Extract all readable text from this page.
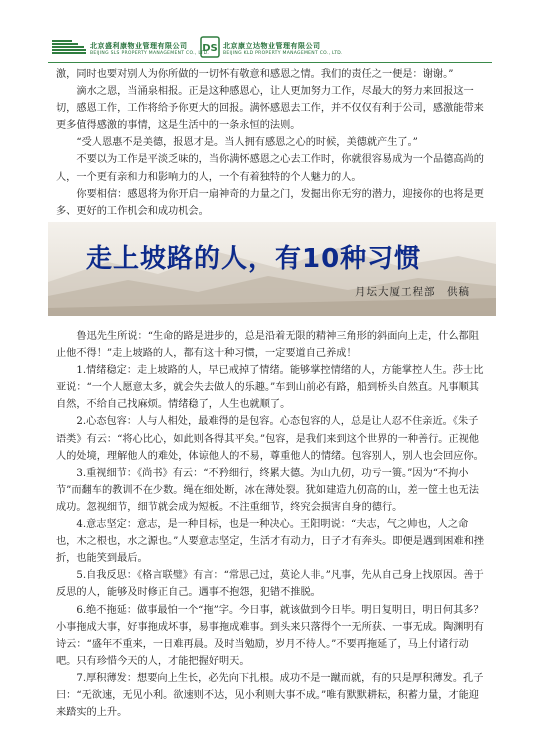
北京盛利康物业管理有限公司
BEIJING SLS PROPERTY MANAGEMENT CO., LTD.
DS 北京康立达物业管理有限公司
BEIJING KLD PROPERTY MANAGEMENT CO., LTD.

激，同时也要对别人为你所做的一切怀有敬意和感恩之情。我们的责任之一便是：谢谢。”

滴水之恩，当涌泉相报。正是这种感恩心，让人更加努力工作，尽最大的努力来回报这一切，感恩工作，工作将给予你更大的回报。满怀感恩去工作，并不仅仅有利于公司，感激能带来更多值得感激的事情，这是生活中的一条永恒的法则。

“受人恩惠不是美德，报恩才是。当人拥有感恩之心的时候，美德就产生了。”

不要以为工作是平淡乏味的，当你满怀感恩之心去工作时，你就很容易成为一个品德高尚的人，一个更有亲和力和影响力的人，一个有着独特的个人魅力的人。

你要相信：感恩将为你开启一扇神奇的力量之门，发掘出你无穷的潜力，迎接你的也将是更多、更好的工作机会和成功机会。

走上坡路的人，有10种习惯
月坛大厦工程部　供稿

鲁迅先生所说：“生命的路是进步的，总是沿着无限的精神三角形的斜面向上走，什么都阻止他不得！”走上坡路的人，都有这十种习惯，一定要道自己养成！

1.情绪稳定：走上坡路的人，早已戒掉了情绪。能够掌控情绪的人，方能掌控人生。莎士比亚说：“一个人愿意太多，就会失去做人的乐趣。”车到山前必有路，船到桥头自然直。凡事顺其自然，不给自己找麻烦。情绪稳了，人生也就顺了。

2.心态包容：人与人相处，最难得的是包容。心态包容的人，总是让人忍不住亲近。《朱子语类》有云：“将心比心，如此则各得其平矣。”包容，是我们来到这个世界的一种善行。正视他人的处境，理解他人的难处，体谅他人的不易，尊重他人的情绪。包容别人，别人也会回应你。

3.重视细节：《尚书》有云：“不矜细行，终累大德。为山九仞，功亏一篑。”因为“不拘小节”而翻车的教训不在少数。绳在细处断，冰在薄处裂。犹如建造九仞高的山，差一筐土也无法成功。忽视细节，细节就会成为短板。不注重细节，终究会损害自身的德行。

4.意志坚定：意志，是一种目标，也是一种决心。王阳明说：“夫志，气之帅也，人之命也，木之根也，水之源也。”人要意志坚定，生活才有动力，日子才有奔头。即便是遇到困难和挫折，也能笑到最后。

5.自我反思：《格言联璧》有言：“常思己过，莫论人非。”凡事，先从自己身上找原因。善于反思的人，能够及时修正自己。遇事不抱怨，犯错不推脱。

6.绝不拖延：做事最怕一个“拖”字。今日事，就该做到今日毕。明日复明日，明日何其多？小事拖成大事，好事拖成坏事，易事拖成难事。到头来只落得个一无所获、一事无成。陶渊明有诗云：“盛年不重来，一日难再晨。及时当勉励，岁月不待人。”不要再拖延了，马上付诸行动吧。只有珍惜今天的人，才能把握好明天。

7.厚积薄发：想要向上生长，必先向下扎根。成功不是一蹴而就，有的只是厚积薄发。孔子曰：“无欲速，无见小利。欲速则不达，见小利则大事不成。”唯有默默耕耘，积蓄力量，才能迎来踏实的上升。
